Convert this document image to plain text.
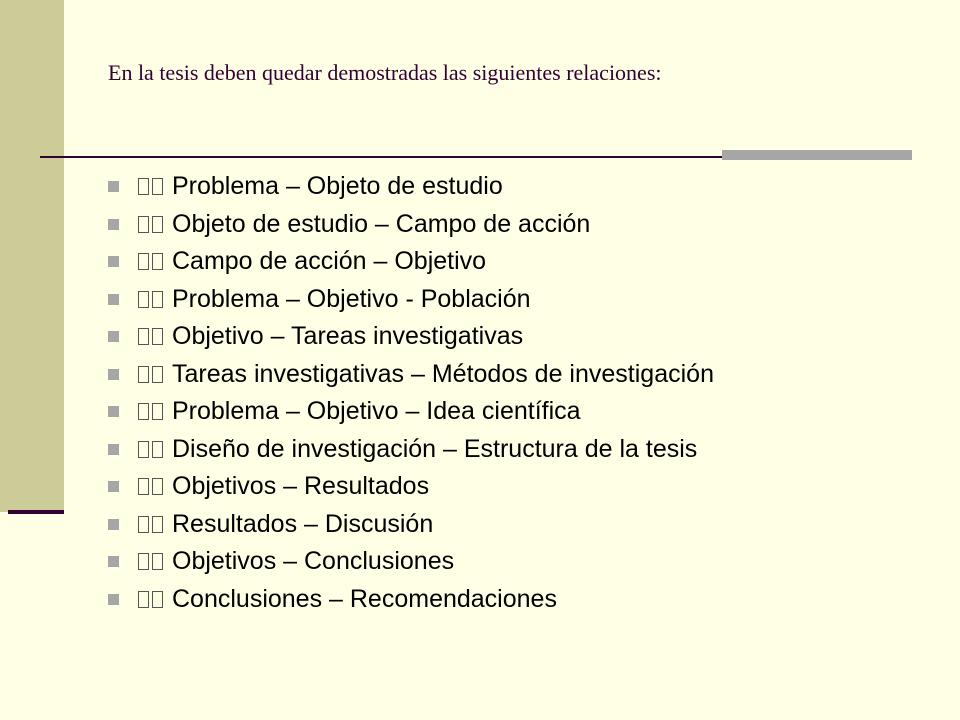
En la tesis deben quedar demostradas las siguientes relaciones:
Problema – Objeto de estudio
Objeto de estudio – Campo de acción
Campo de acción – Objetivo
Problema – Objetivo - Población
Objetivo – Tareas investigativas
Tareas investigativas – Métodos de investigación
Problema – Objetivo – Idea científica
Diseño de investigación – Estructura de la tesis
Objetivos – Resultados
Resultados – Discusión
Objetivos – Conclusiones
Conclusiones – Recomendaciones
